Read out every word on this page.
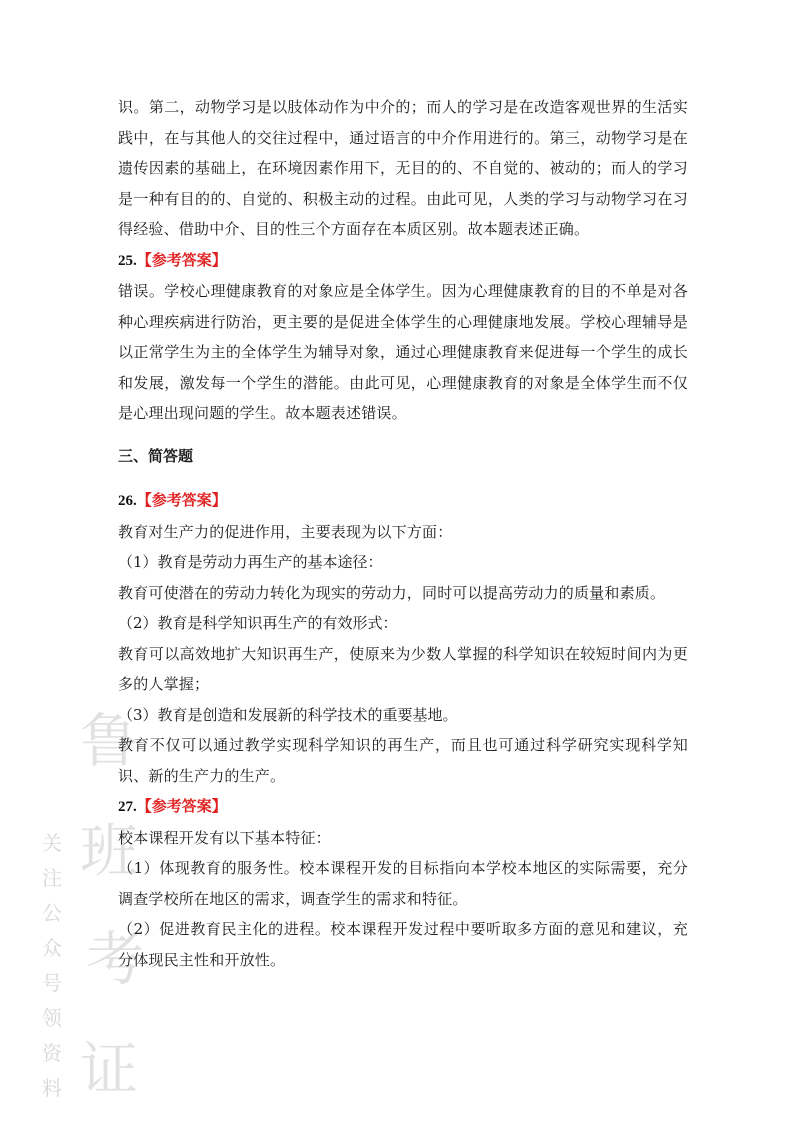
鲁
班
考
证
关
注
公
众
号
领
资
料

识。第二，动物学习是以肢体动作为中介的；而人的学习是在改造客观世界的生活实践中，在与其他人的交往过程中，通过语言的中介作用进行的。第三，动物学习是在遗传因素的基础上，在环境因素作用下，无目的的、不自觉的、被动的；而人的学习是一种有目的的、自觉的、积极主动的过程。由此可见，人类的学习与动物学习在习得经验、借助中介、目的性三个方面存在本质区别。故本题表述正确。

25.【参考答案】

错误。学校心理健康教育的对象应是全体学生。因为心理健康教育的目的不单是对各种心理疾病进行防治，更主要的是促进全体学生的心理健康地发展。学校心理辅导是以正常学生为主的全体学生为辅导对象，通过心理健康教育来促进每一个学生的成长和发展，激发每一个学生的潜能。由此可见，心理健康教育的对象是全体学生而不仅是心理出现问题的学生。故本题表述错误。

三、简答题

26.【参考答案】

教育对生产力的促进作用，主要表现为以下方面：

（1）教育是劳动力再生产的基本途径：

教育可使潜在的劳动力转化为现实的劳动力，同时可以提高劳动力的质量和素质。

（2）教育是科学知识再生产的有效形式：

教育可以高效地扩大知识再生产，使原来为少数人掌握的科学知识在较短时间内为更多的人掌握；

（3）教育是创造和发展新的科学技术的重要基地。

教育不仅可以通过教学实现科学知识的再生产，而且也可通过科学研究实现科学知识、新的生产力的生产。

27.【参考答案】

校本课程开发有以下基本特征：

（1）体现教育的服务性。校本课程开发的目标指向本学校本地区的实际需要，充分调查学校所在地区的需求，调查学生的需求和特征。

（2）促进教育民主化的进程。校本课程开发过程中要听取多方面的意见和建议，充分体现民主性和开放性。
